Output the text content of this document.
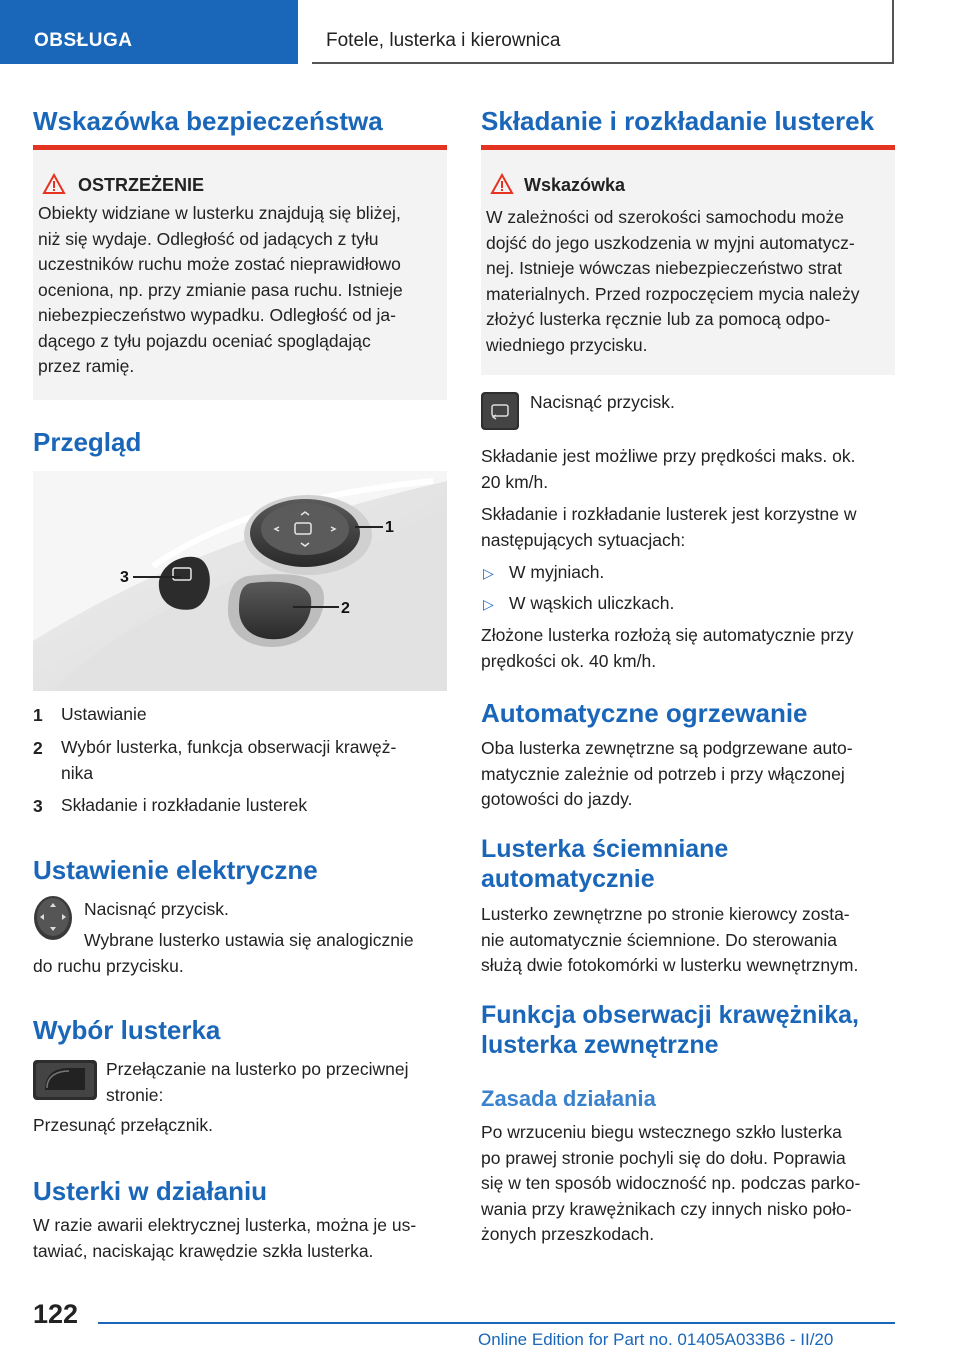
OBSŁUGA	Fotele, lusterka i kierownica
Wskazówka bezpieczeństwa
OSTRZEŻENIE
Obiekty widziane w lusterku znajdują się bliżej,
niż się wydaje. Odległość od jadących z tyłu
uczestników ruchu może zostać nieprawidłowo
oceniona, np. przy zmianie pasa ruchu. Istnieje
niebezpieczeństwo wypadku. Odległość od ja-
dącego z tyłu pojazdu oceniać spoglądając
przez ramię.
Przegląd
1
2
3
1 Ustawianie
2 Wybór lusterka, funkcja obserwacji krawęż-
nika
3 Składanie i rozkładanie lusterek
Ustawienie elektryczne
Nacisnąć przycisk.
Wybrane lusterko ustawia się analogicznie
do ruchu przycisku.
Wybór lusterka
Przełączanie na lusterko po przeciwnej
stronie:
Przesunąć przełącznik.
Usterki w działaniu
W razie awarii elektrycznej lusterka, można je us-
tawiać, naciskając krawędzie szkła lusterka.
Składanie i rozkładanie lusterek
Wskazówka
W zależności od szerokości samochodu może
dojść do jego uszkodzenia w myjni automatycz-
nej. Istnieje wówczas niebezpieczeństwo strat
materialnych. Przed rozpoczęciem mycia należy
złożyć lusterka ręcznie lub za pomocą odpo-
wiedniego przycisku.
Nacisnąć przycisk.
Składanie jest możliwe przy prędkości maks. ok.
20 km/h.
Składanie i rozkładanie lusterek jest korzystne w
następujących sytuacjach:
▷ W myjniach.
▷ W wąskich uliczkach.
Złożone lusterka rozłożą się automatycznie przy
prędkości ok. 40 km/h.
Automatyczne ogrzewanie
Oba lusterka zewnętrzne są podgrzewane auto-
matycznie zależnie od potrzeb i przy włączonej
gotowości do jazdy.
Lusterka ściemniane
automatycznie
Lusterko zewnętrzne po stronie kierowcy zosta-
nie automatycznie ściemnione. Do sterowania
służą dwie fotokomórki w lusterku wewnętrznym.
Funkcja obserwacji krawężnika,
lusterka zewnętrzne
Zasada działania
Po wrzuceniu biegu wstecznego szkło lusterka
po prawej stronie pochyli się do dołu. Poprawia
się w ten sposób widoczność np. podczas parko-
wania przy krawężnikach czy innych nisko poło-
żonych przeszkodach.
122
Online Edition for Part no. 01405A033B6 - II/20
